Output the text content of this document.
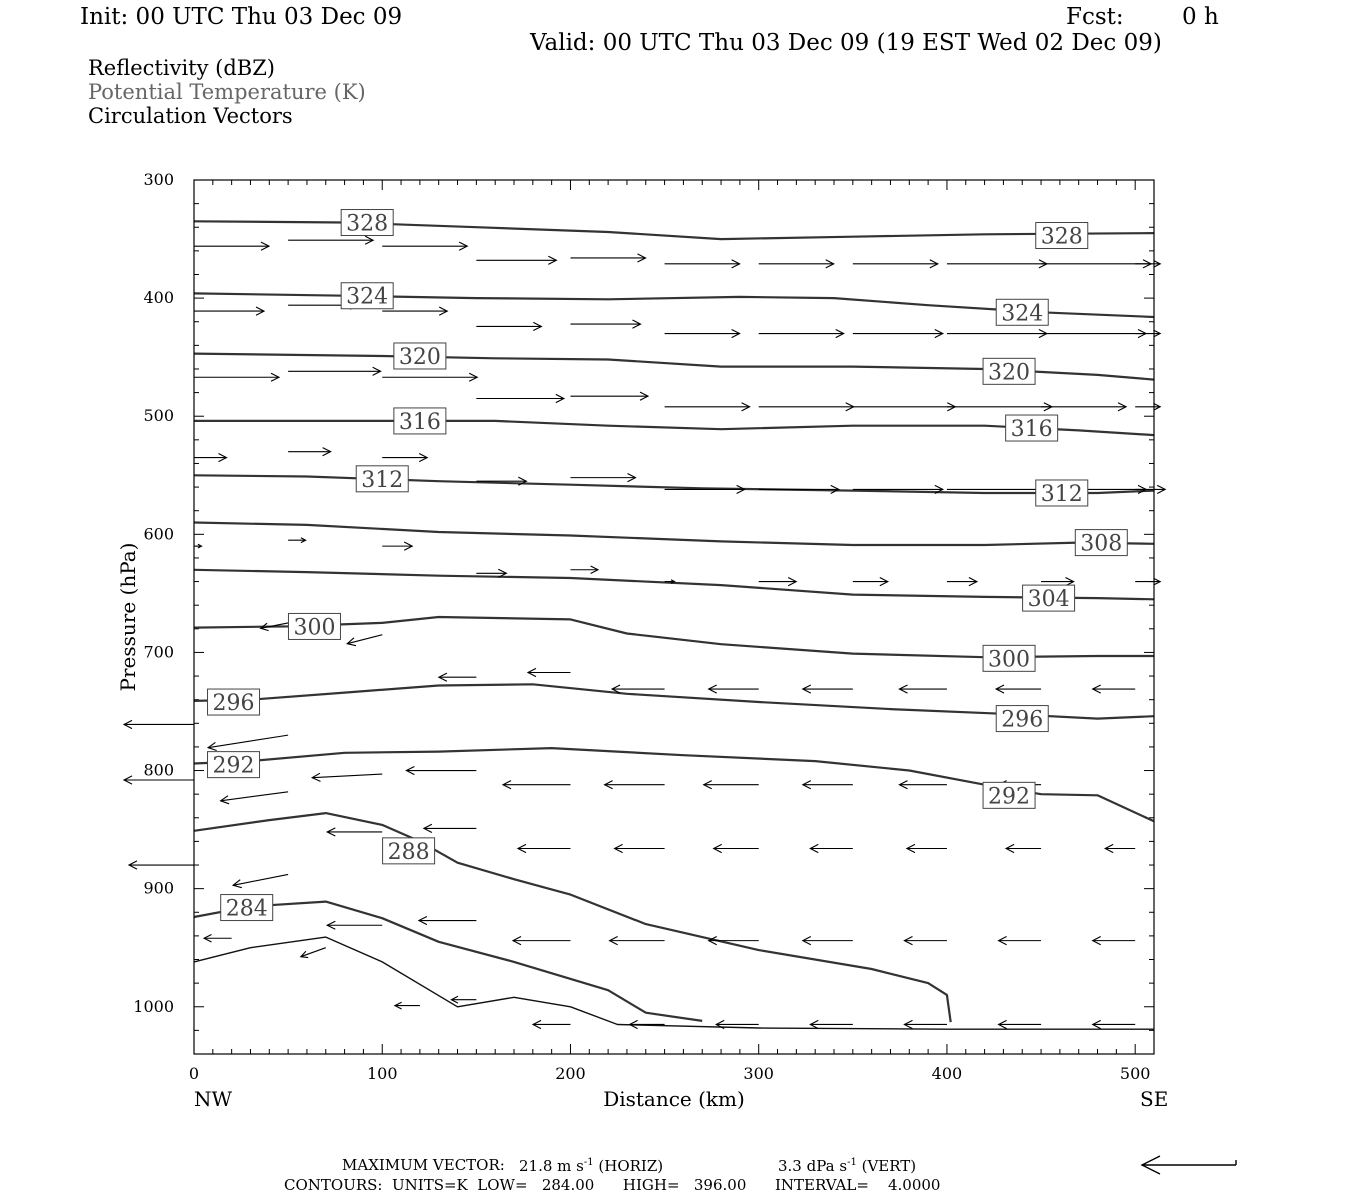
Init: 00 UTC Thu 03 Dec 09	Fcst:	0 h
Valid: 00 UTC Thu 03 Dec 09 (19 EST Wed 02 Dec 09)
Reflectivity (dBZ)
Potential Temperature (K)
Circulation Vectors
328
328
324
324
320
320
316	316
312
312
308
304
300
300
296
296
292
292
288
284
300
400
500
600
700
800
900
1000
0	100	200	300	400	500
Distance (km)
Pressure (hPa)
NW	SE
MAXIMUM VECTOR: 21.8 m $s^{-1}$ (HORIZ)	3.3 dPa $s^{-1}$ (VERT)
CONTOURS:  UNITS=K  LOW=   284.00      HIGH=   396.00      INTERVAL=    4.0000
